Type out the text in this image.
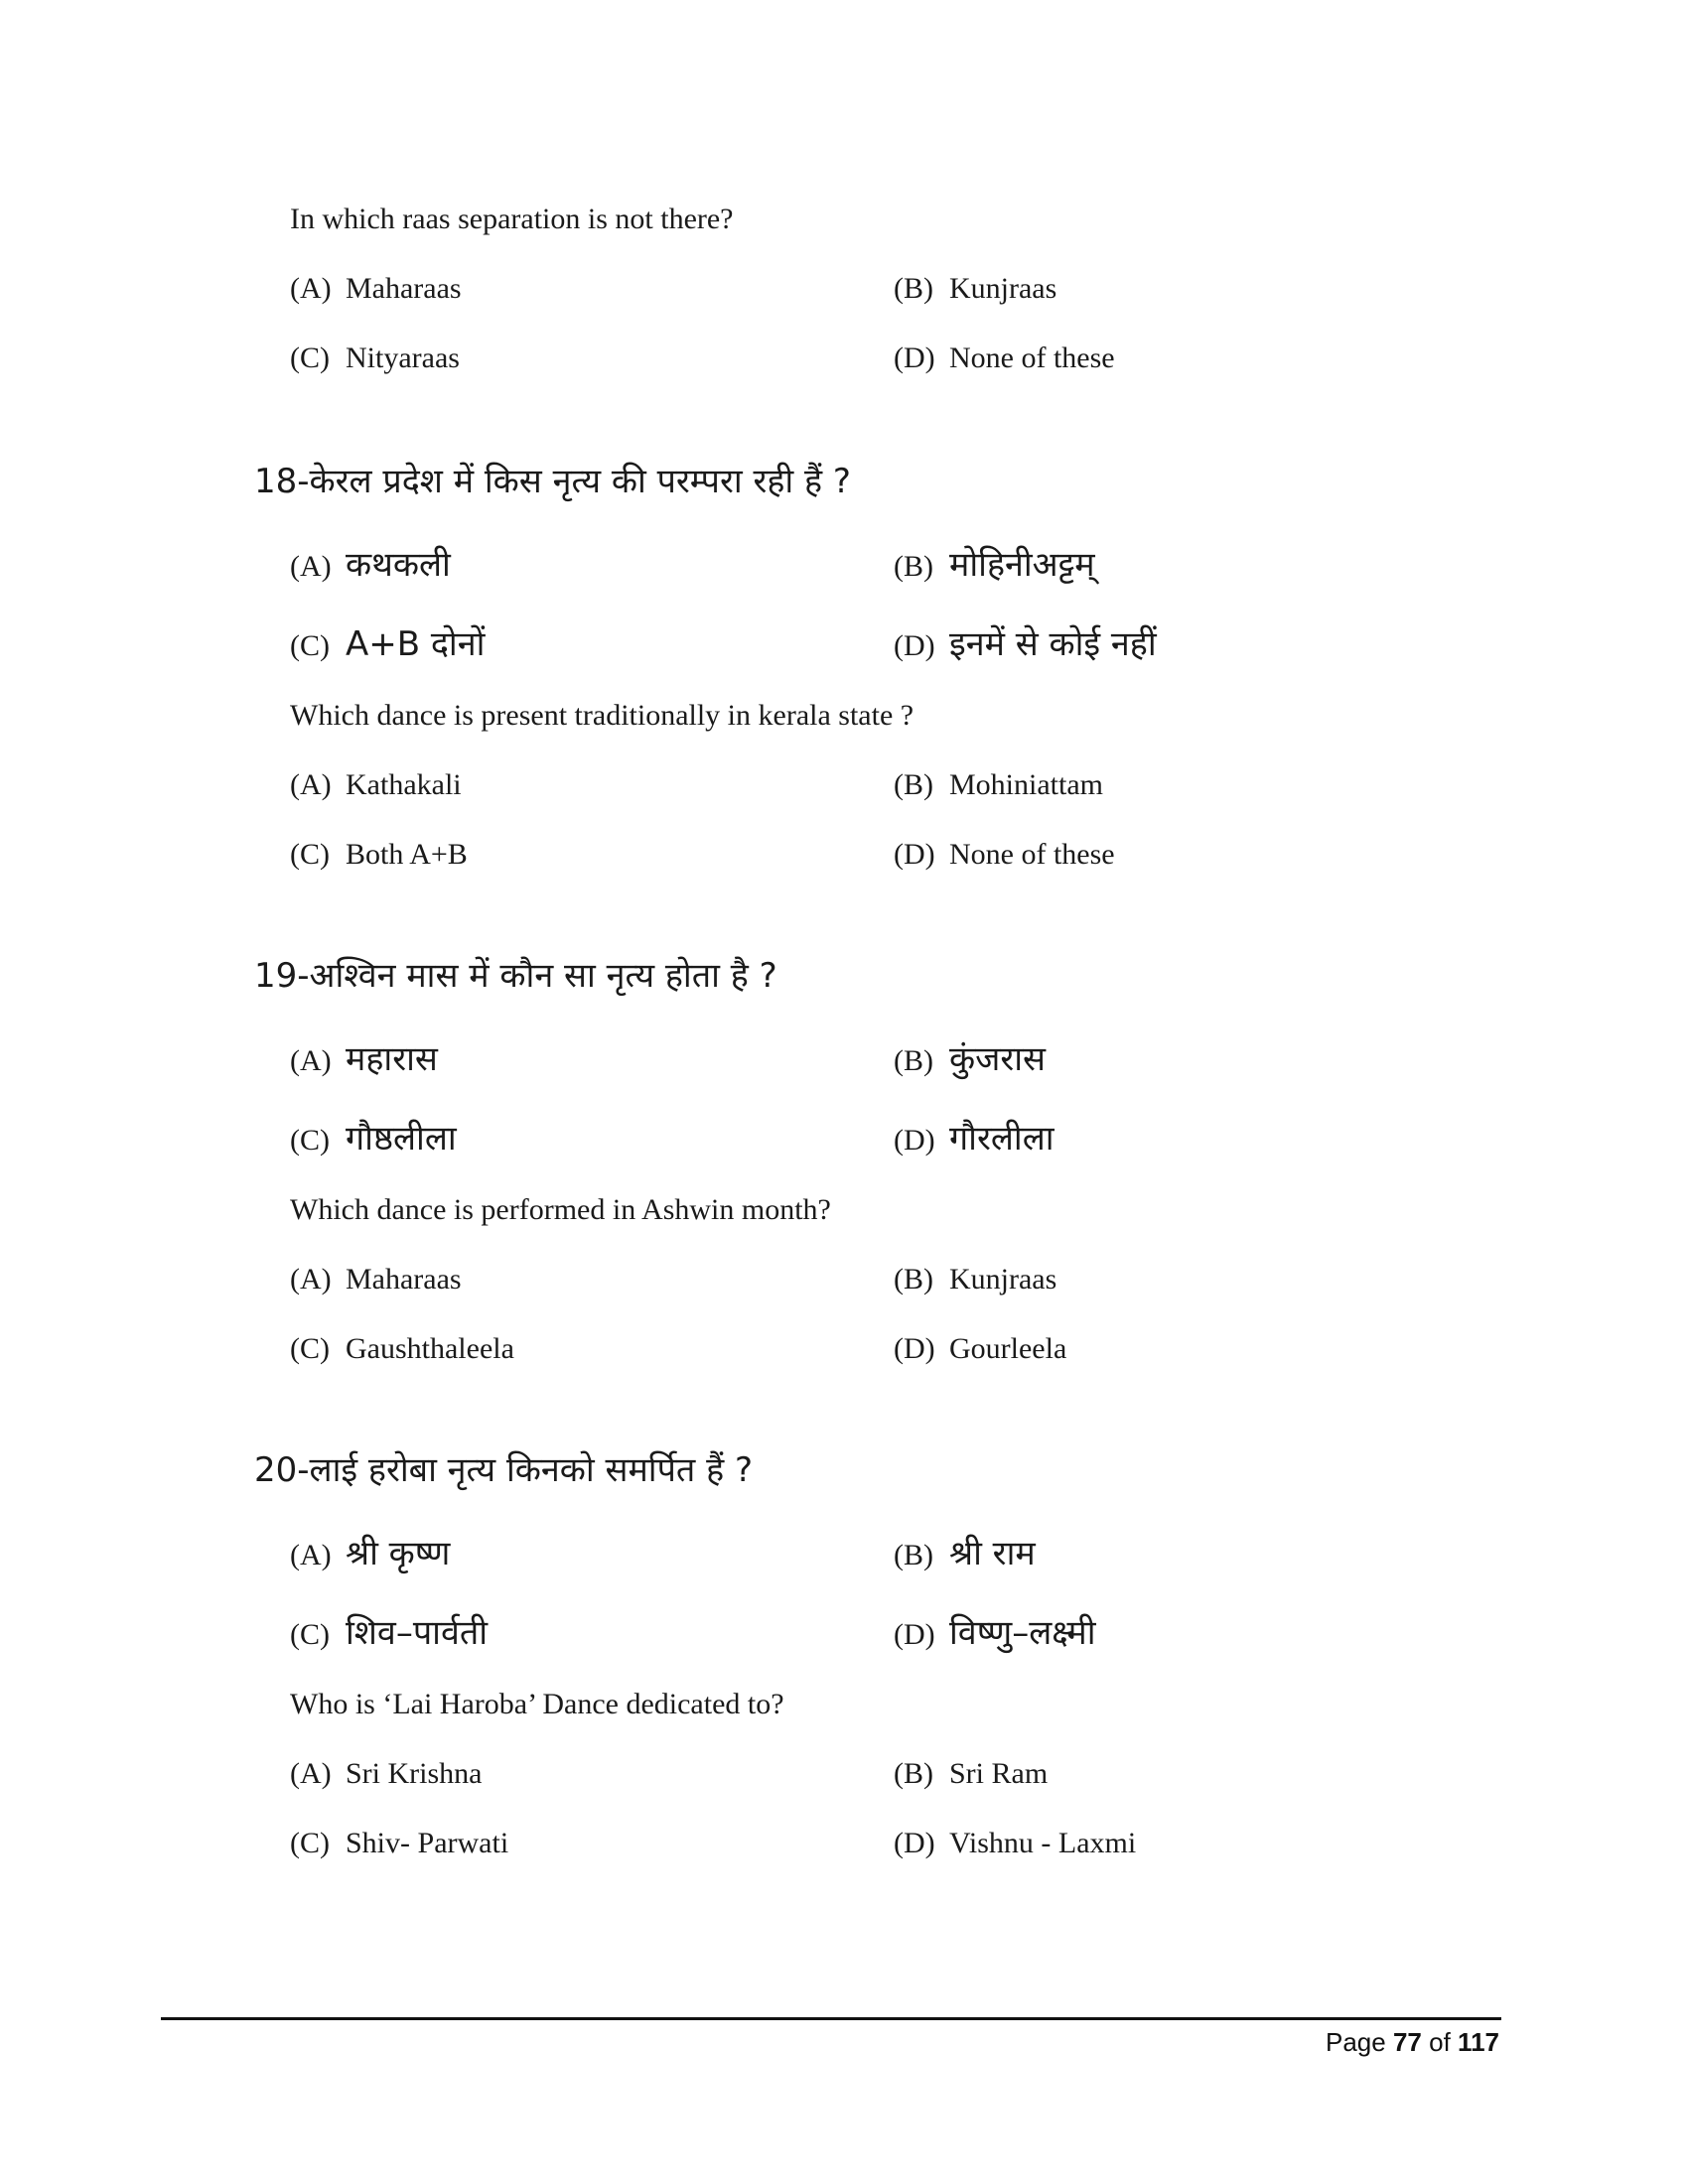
In which raas separation is not there?
(A) Maharaas	(B) Kunjraas
(C) Nityaraas	(D) None of these
18-केरल प्रदेश में किस नृत्य की परम्परा रही हैं ?
(A) कथकली	(B) मोहिनीअट्टम्
(C) A+B दोनों	(D) इनमें से कोई नहीं
Which dance is present traditionally in kerala state ?
(A) Kathakali	(B) Mohiniattam
(C) Both A+B	(D) None of these
19-अश्विन मास में कौन सा नृत्य होता है ?
(A) महारास	(B) कुंजरास
(C) गौष्ठलीला	(D) गौरलीला
Which dance is performed in Ashwin month?
(A) Maharaas	(B) Kunjraas
(C) Gaushthaleela	(D) Gourleela
20-लाई हरोबा नृत्य किनको समर्पित हैं ?
(A) श्री कृष्ण	(B) श्री राम
(C) शिव–पार्वती	(D) विष्णु–लक्ष्मी
Who is ‘Lai Haroba’ Dance dedicated to?
(A) Sri Krishna	(B) Sri Ram
(C) Shiv- Parwati	(D) Vishnu - Laxmi
Page 77 of 117
